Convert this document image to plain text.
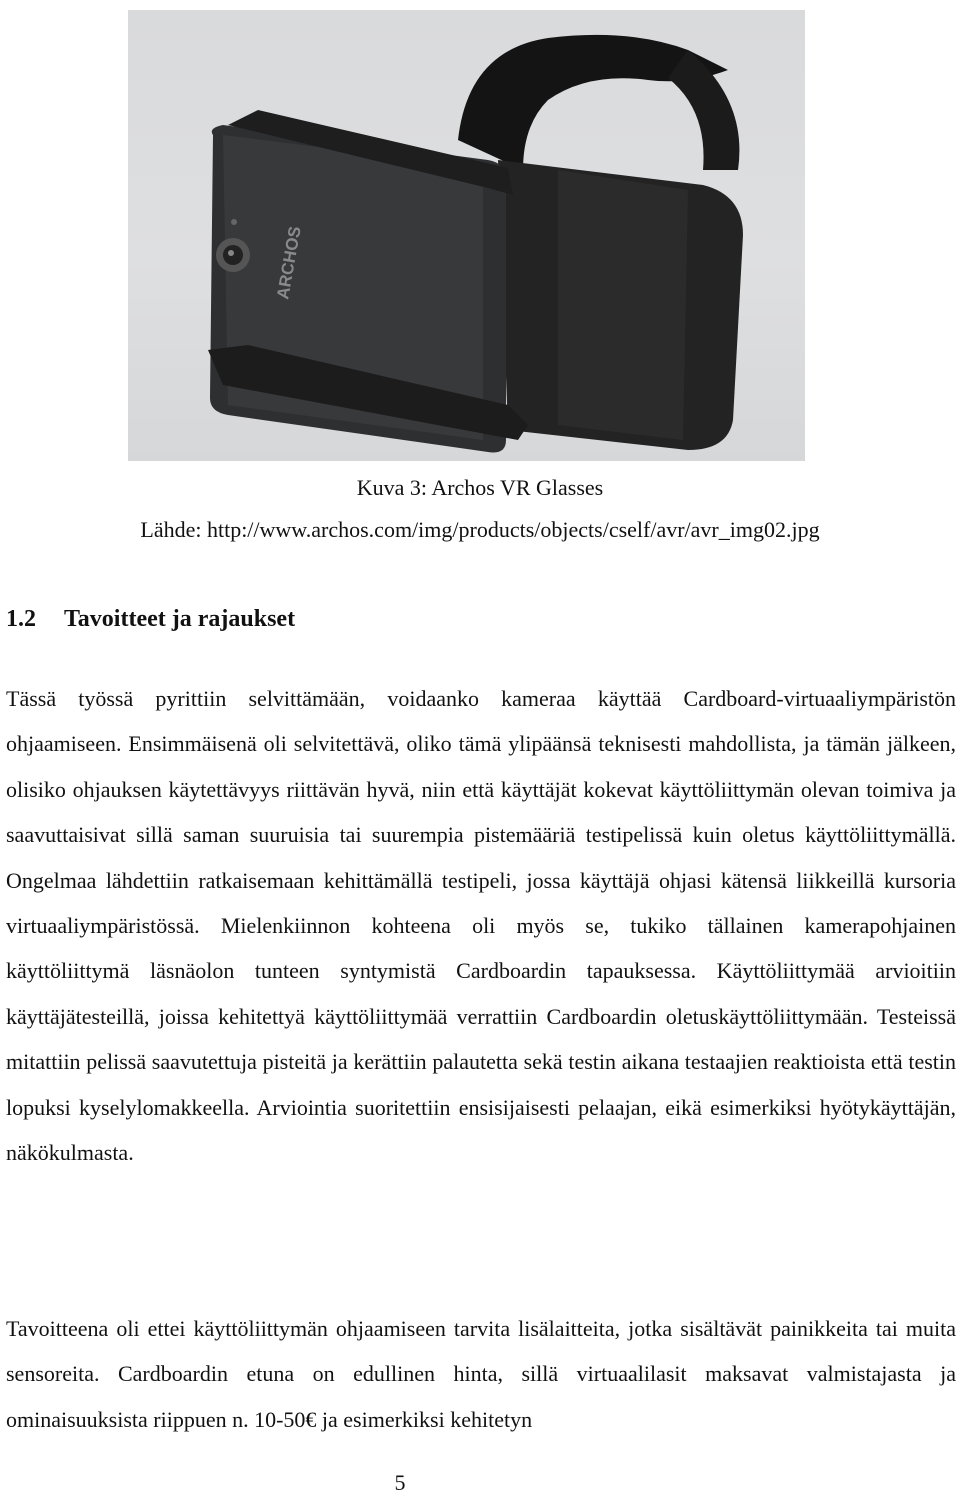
ARCHOS
Kuva 3: Archos VR Glasses
Lähde: http://www.archos.com/img/products/objects/cself/avr/avr_img02.jpg
1.2 Tavoitteet ja rajaukset

Tässä työssä pyrittiin selvittämään, voidaanko kameraa käyttää Cardboard-virtuaaliympäristön ohjaamiseen. Ensimmäisenä oli selvitettävä, oliko tämä ylipäänsä teknisesti mahdollista, ja tämän jälkeen, olisiko ohjauksen käytettävyys riittävän hyvä, niin että käyttäjät kokevat käyttöliittymän olevan toimiva ja saavuttaisivat sillä saman suuruisia tai suurempia pistemääriä testipelissä kuin oletus käyttöliittymällä. Ongelmaa lähdettiin ratkaisemaan kehittämällä testipeli, jossa käyttäjä ohjasi kätensä liikkeillä kursoria virtuaaliympäristössä. Mielenkiinnon kohteena oli myös se, tukiko tällainen kamerapohjainen käyttöliittymä läsnäolon tunteen syntymistä Cardboardin tapauksessa. Käyttöliittymää arvioitiin käyttäjätesteillä, joissa kehitettyä käyttöliittymää verrattiin Cardboardin oletuskäyttöliittymään. Testeissä mitattiin pelissä saavutettuja pisteitä ja kerättiin palautetta sekä testin aikana testaajien reaktioista että testin lopuksi kyselylomakkeella. Arviointia suoritettiin ensisijaisesti pelaajan, eikä esimerkiksi hyötykäyttäjän, näkökulmasta.

Tavoitteena oli ettei käyttöliittymän ohjaamiseen tarvita lisälaitteita, jotka sisältävät painikkeita tai muita sensoreita. Cardboardin etuna on edullinen hinta, sillä virtuaalilasit maksavat valmistajasta ja ominaisuuksista riippuen n. 10-50€ ja esimerkiksi kehitetyn

5
